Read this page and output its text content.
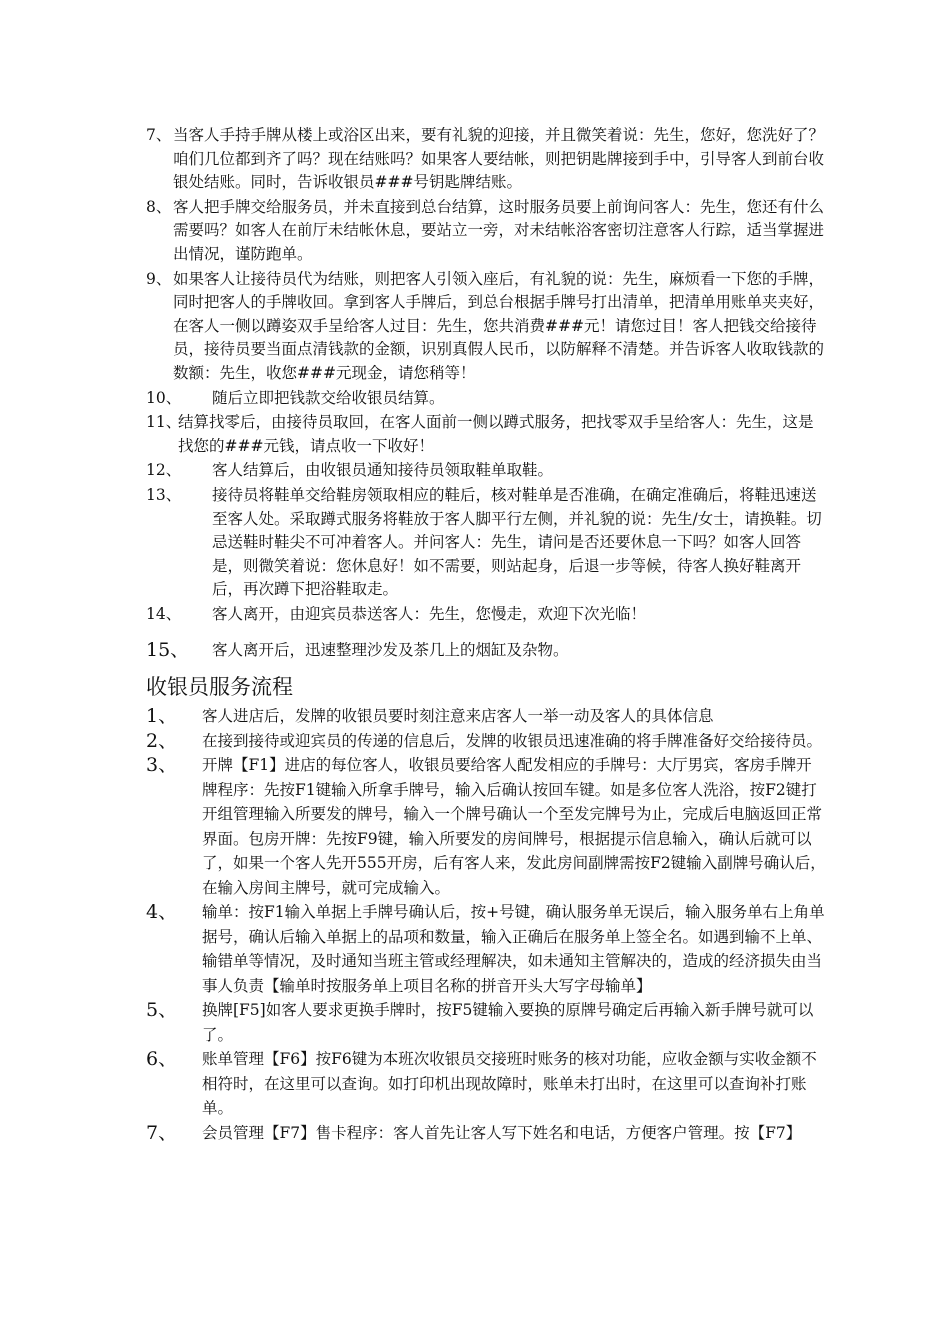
7、 当客人手持手牌从楼上或浴区出来，要有礼貌的迎接，并且微笑着说：先生，您好，您洗好了？咱们几位都到齐了吗？现在结账吗？如果客人要结帐，则把钥匙牌接到手中，引导客人到前台收银处结账。同时，告诉收银员###号钥匙牌结账。
8、 客人把手牌交给服务员，并未直接到总台结算，这时服务员要上前询问客人：先生，您还有什么需要吗？如客人在前厅未结帐休息，要站立一旁，对未结帐浴客密切注意客人行踪，适当掌握进出情况，谨防跑单。
9、 如果客人让接待员代为结账，则把客人引领入座后，有礼貌的说：先生，麻烦看一下您的手牌，同时把客人的手牌收回。拿到客人手牌后，到总台根据手牌号打出清单，把清单用账单夹夹好，在客人一侧以蹲姿双手呈给客人过目：先生，您共消费###元！请您过目！客人把钱交给接待员，接待员要当面点清钱款的金额，识别真假人民币，以防解释不清楚。并告诉客人收取钱款的数额：先生，收您###元现金，请您稍等！
10、	随后立即把钱款交给收银员结算。
11、
结算找零后，由接待员取回，在客人面前一侧以蹲式服务，把找零双手呈给客人：先生，这是找您的###元钱，请点收一下收好！
12、	客人结算后，由收银员通知接待员领取鞋单取鞋。
13、	接待员将鞋单交给鞋房领取相应的鞋后，核对鞋单是否准确，在确定准确后，将鞋迅速送至客人处。采取蹲式服务将鞋放于客人脚平行左侧，并礼貌的说：先生/女士，请换鞋。切忌送鞋时鞋尖不可冲着客人。并问客人：先生，请问是否还要休息一下吗？如客人回答是，则微笑着说：您休息好！如不需要，则站起身，后退一步等候，待客人换好鞋离开后，再次蹲下把浴鞋取走。
14、	客人离开，由迎宾员恭送客人：先生，您慢走，欢迎下次光临！
15、	客人离开后，迅速整理沙发及茶几上的烟缸及杂物。
收银员服务流程
1、	客人进店后，发牌的收银员要时刻注意来店客人一举一动及客人的具体信息
2、	在接到接待或迎宾员的传递的信息后，发牌的收银员迅速准确的将手牌准备好交给接待员。
3、	开牌【F1】进店的每位客人，收银员要给客人配发相应的手牌号：大厅男宾，客房手牌开牌程序：先按F1键输入所拿手牌号，输入后确认按回车键。如是多位客人洗浴，按F2键打开组管理输入所要发的牌号，输入一个牌号确认一个至发完牌号为止，完成后电脑返回正常界面。包房开牌：先按F9键，输入所要发的房间牌号，根据提示信息输入，确认后就可以了，如果一个客人先开555开房，后有客人来，发此房间副牌需按F2键输入副牌号确认后，在输入房间主牌号，就可完成输入。
4、	输单：按F1输入单据上手牌号确认后，按+号键，确认服务单无误后，输入服务单右上角单据号，确认后输入单据上的品项和数量，输入正确后在服务单上签全名。如遇到输不上单、输错单等情况，及时通知当班主管或经理解决，如未通知主管解决的，造成的经济损失由当事人负责【输单时按服务单上项目名称的拼音开头大写字母输单】
5、	换牌[F5]如客人要求更换手牌时，按F5键输入要换的原牌号确定后再输入新手牌号就可以了。
6、	账单管理【F6】按F6键为本班次收银员交接班时账务的核对功能，应收金额与实收金额不相符时，在这里可以查询。如打印机出现故障时，账单未打出时，在这里可以查询补打账单。
7、	会员管理【F7】售卡程序：客人首先让客人写下姓名和电话，方便客户管理。按【F7】
